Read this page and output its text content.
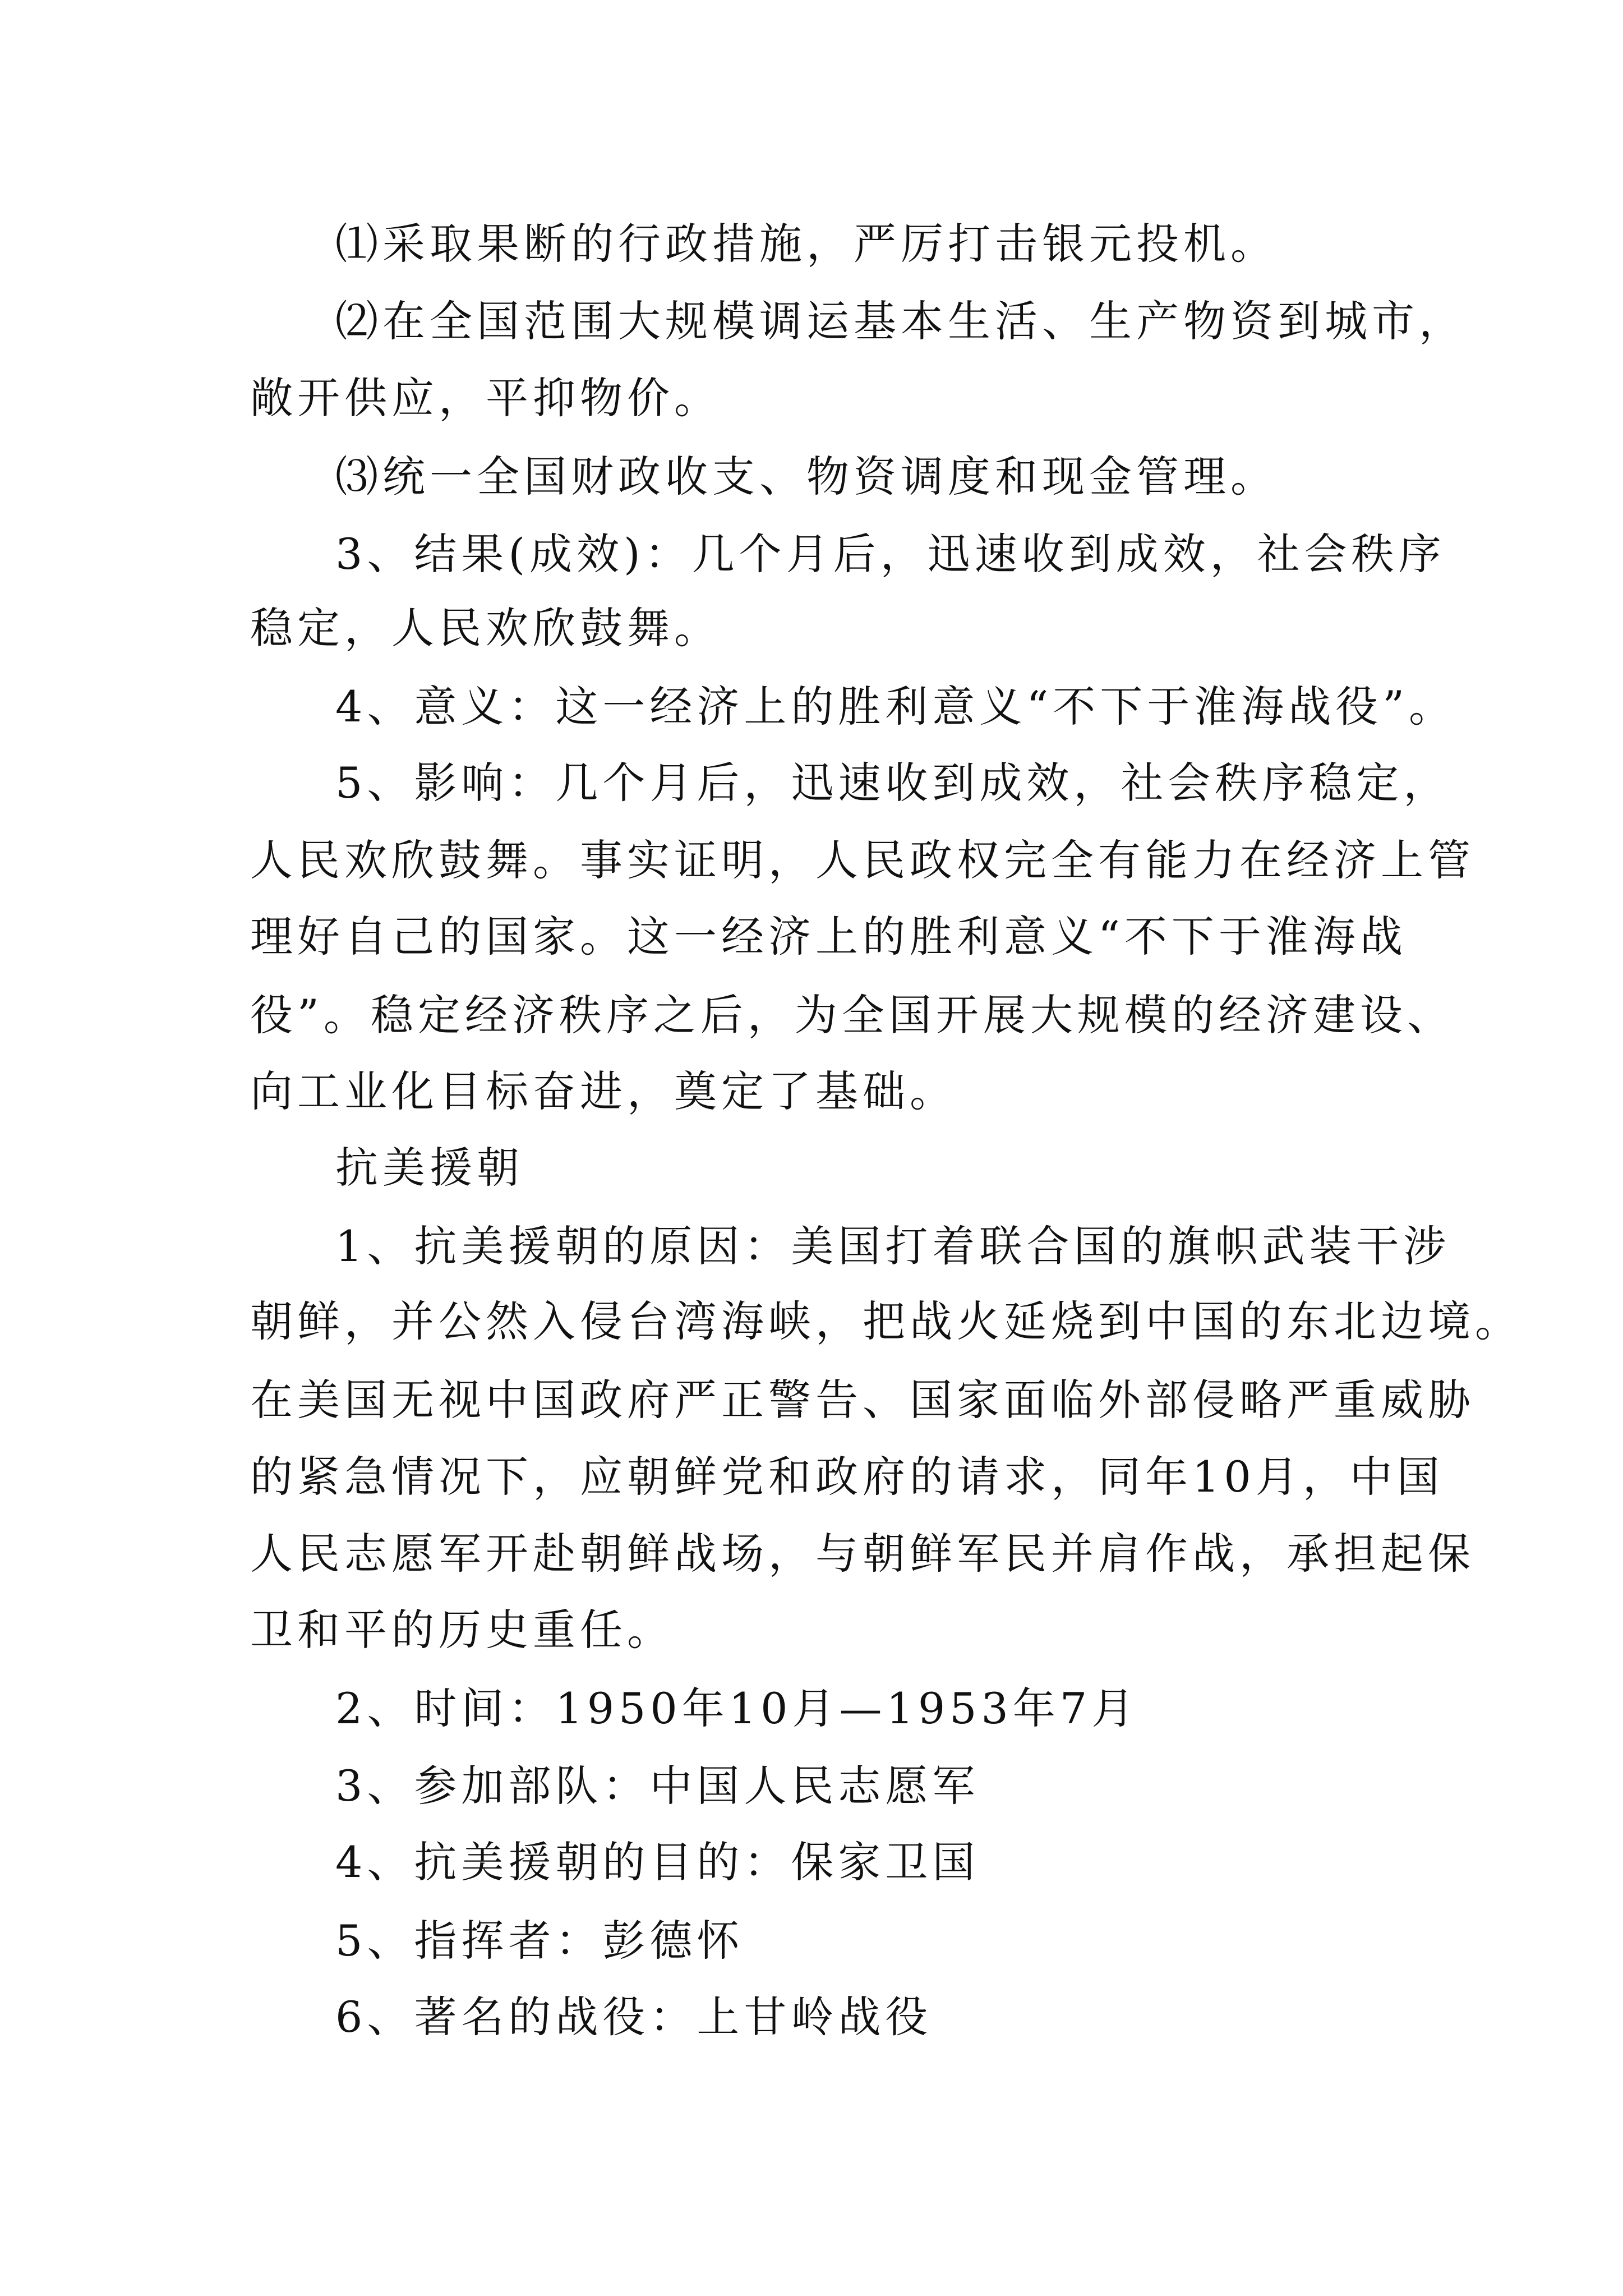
⑴采取果断的行政措施，严厉打击银元投机。
⑵在全国范围大规模调运基本生活、生产物资到城市，
敞开供应，平抑物价。
⑶统一全国财政收支、物资调度和现金管理。
3、结果(成效)：几个月后，迅速收到成效，社会秩序
稳定，人民欢欣鼓舞。
4、意义：这一经济上的胜利意义“不下于淮海战役”。
5、影响：几个月后，迅速收到成效，社会秩序稳定，
人民欢欣鼓舞。事实证明，人民政权完全有能力在经济上管
理好自己的国家。这一经济上的胜利意义“不下于淮海战
役”。稳定经济秩序之后，为全国开展大规模的经济建设、
向工业化目标奋进，奠定了基础。
抗美援朝
1、抗美援朝的原因：美国打着联合国的旗帜武装干涉
朝鲜，并公然入侵台湾海峡，把战火延烧到中国的东北边境。
在美国无视中国政府严正警告、国家面临外部侵略严重威胁
的紧急情况下，应朝鲜党和政府的请求，同年10月，中国
人民志愿军开赴朝鲜战场，与朝鲜军民并肩作战，承担起保
卫和平的历史重任。
2、时间：1950年10月—1953年7月
3、参加部队：中国人民志愿军
4、抗美援朝的目的：保家卫国
5、指挥者：彭德怀
6、著名的战役：上甘岭战役
